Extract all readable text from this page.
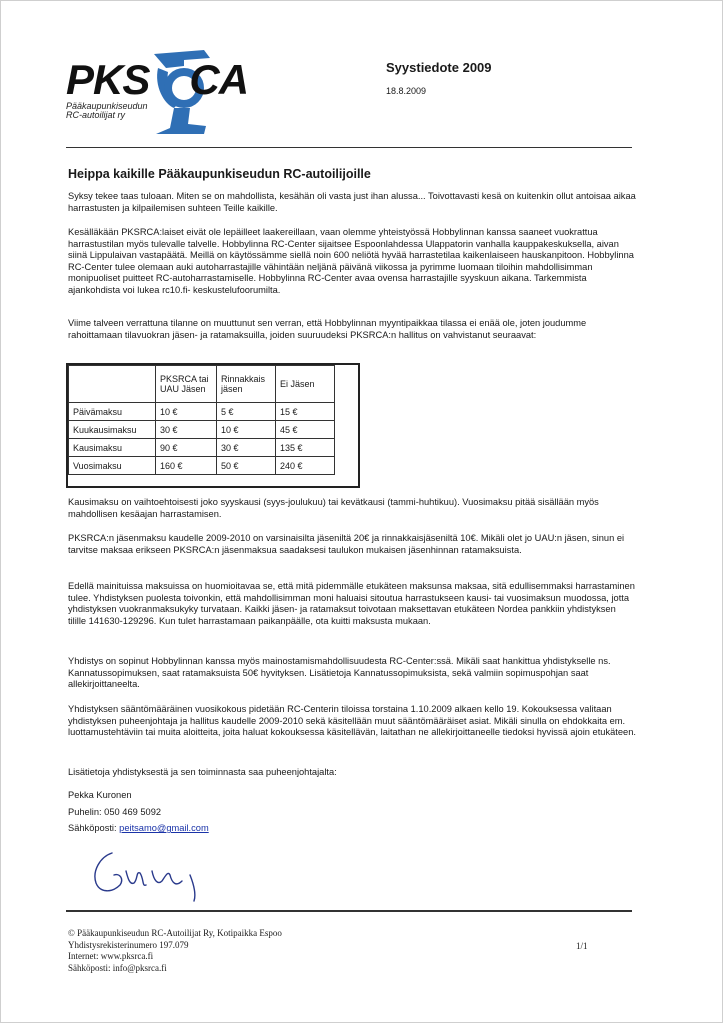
PKS CA
Pääkaupunkiseudun
RC-autoilijat ry
Syystiedote 2009
18.8.2009
Heippa kaikille Pääkaupunkiseudun RC-autoilijoille

Syksy tekee taas tuloaan. Miten se on mahdollista, kesähän oli vasta just ihan alussa... Toivottavasti kesä on kuitenkin ollut antoisaa aikaa harrastusten ja kilpailemisen suhteen Teille kaikille.

Kesälläkään PKSRCA:laiset eivät ole lepäilleet laakereillaan, vaan olemme yhteistyössä Hobbylinnan kanssa saaneet vuokrattua harrastustilan myös tulevalle talvelle. Hobbylinna RC-Center sijaitsee Espoonlahdessa Ulappatorin vanhalla kauppakeskuksella, aivan siinä Lippulaivan vastapäätä. Meillä on käytössämme siellä noin 600 neliötä hyvää harrastetilaa kaikenlaiseen hauskanpitoon. Hobbylinna RC-Center tulee olemaan auki autoharrastajille vähintään neljänä päivänä viikossa ja pyrimme luomaan tiloihin mahdollisimman monipuoliset puitteet RC-autoharrastamiselle. Hobbylinna RC-Center avaa ovensa harrastajille syyskuun aikana. Tarkemmista ajankohdista voi lukea rc10.fi- keskustelufoorumilta.

Viime talveen verrattuna tilanne on muuttunut sen verran, että Hobbylinnan myyntipaikkaa tilassa ei enää ole, joten joudumme rahoittamaan tilavuokran jäsen- ja ratamaksuilla, joiden suuruudeksi PKSRCA:n hallitus on vahvistanut seuraavat:

	PKSRCA tai UAU Jäsen	Rinnakkais jäsen	Ei Jäsen
Päivämaksu	10 €	5 €	15 €
Kuukausimaksu	30 €	10 €	45 €
Kausimaksu	90 €	30 €	135 €
Vuosimaksu	160 €	50 €	240 €

Kausimaksu on vaihtoehtoisesti joko syyskausi (syys-joulukuu) tai kevätkausi (tammi-huhtikuu). Vuosimaksu pitää sisällään myös mahdollisen kesäajan harrastamisen.

PKSRCA:n jäsenmaksu kaudelle 2009-2010 on varsinaisilta jäseniltä 20€ ja rinnakkaisjäseniltä 10€. Mikäli olet jo UAU:n jäsen, sinun ei tarvitse maksaa erikseen PKSRCA:n jäsenmaksua saadaksesi taulukon mukaisen jäsenhinnan ratamaksuista.

Edellä mainituissa maksuissa on huomioitavaa se, että mitä pidemmälle etukäteen maksunsa maksaa, sitä edullisemmaksi harrastaminen tulee. Yhdistyksen puolesta toivonkin, että mahdollisimman moni haluaisi sitoutua harrastukseen kausi- tai vuosimaksun muodossa, jotta yhdistyksen vuokranmaksukyky turvataan. Kaikki jäsen- ja ratamaksut toivotaan maksettavan etukäteen Nordea pankkiin yhdistyksen tilille 141630-129296. Kun tulet harrastamaan paikanpäälle, ota kuitti maksusta mukaan.

Yhdistys on sopinut Hobbylinnan kanssa myös mainostamismahdollisuudesta RC-Center:ssä. Mikäli saat hankittua yhdistykselle ns. Kannatussopimuksen, saat ratamaksuista 50€ hyvityksen. Lisätietoja Kannatussopimuksista, sekä valmiin sopimuspohjan saat allekirjoittaneelta.

Yhdistyksen sääntömääräinen vuosikokous pidetään RC-Centerin tiloissa torstaina 1.10.2009 alkaen kello 19. Kokouksessa valitaan yhdistyksen puheenjohtaja ja hallitus kaudelle 2009-2010 sekä käsitellään muut sääntömääräiset asiat. Mikäli sinulla on ehdokkaita em. luottamustehtäviin tai muita aloitteita, joita haluat kokouksessa käsitellävän, laitathan ne allekirjoittaneelle tiedoksi hyvissä ajoin etukäteen.

Lisätietoja yhdistyksestä ja sen toiminnasta saa puheenjohtajalta:

Pekka Kuronen

Puhelin: 050 469 5092

Sähköposti: peitsamo@gmail.com

© Pääkaupunkiseudun RC-Autoilijat Ry, Kotipaikka Espoo
Yhdistysrekisterinumero 197.079
Internet: www.pksrca.fi
Sähköposti: info@pksrca.fi
1/1
